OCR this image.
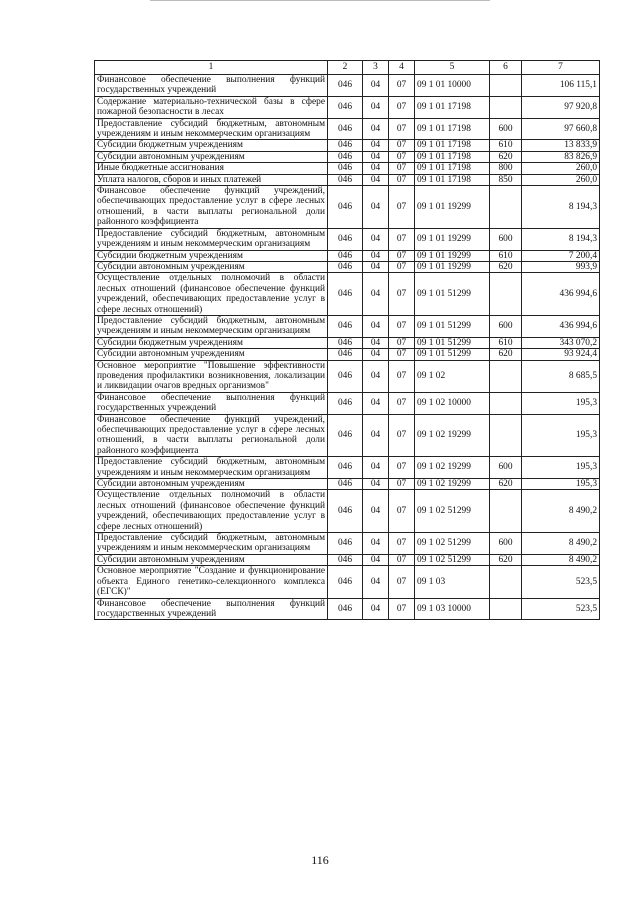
1	2	3	4	5	6	7
Финансовое обеспечение выполнения функций государственных учреждений	046	04	07	09 1 01 10000		106 115,1
Содержание материально-технической базы в сфере пожарной безопасности в лесах	046	04	07	09 1 01 17198		97 920,8
Предоставление субсидий бюджетным, автономным учреждениям и иным некоммерческим организациям	046	04	07	09 1 01 17198	600	97 660,8
Субсидии бюджетным учреждениям	046	04	07	09 1 01 17198	610	13 833,9
Субсидии автономным учреждениям	046	04	07	09 1 01 17198	620	83 826,9
Иные бюджетные ассигнования	046	04	07	09 1 01 17198	800	260,0
Уплата налогов, сборов и иных платежей	046	04	07	09 1 01 17198	850	260,0
Финансовое обеспечение функций учреждений, обеспечивающих предоставление услуг в сфере лесных отношений, в части выплаты региональной доли районного коэффициента	046	04	07	09 1 01 19299		8 194,3
Предоставление субсидий бюджетным, автономным учреждениям и иным некоммерческим организациям	046	04	07	09 1 01 19299	600	8 194,3
Субсидии бюджетным учреждениям	046	04	07	09 1 01 19299	610	7 200,4
Субсидии автономным учреждениям	046	04	07	09 1 01 19299	620	993,9
Осуществление отдельных полномочий в области лесных отношений (финансовое обеспечение функций учреждений, обеспечивающих предоставление услуг в сфере лесных отношений)	046	04	07	09 1 01 51299		436 994,6
Предоставление субсидий бюджетным, автономным учреждениям и иным некоммерческим организациям	046	04	07	09 1 01 51299	600	436 994,6
Субсидии бюджетным учреждениям	046	04	07	09 1 01 51299	610	343 070,2
Субсидии автономным учреждениям	046	04	07	09 1 01 51299	620	93 924,4
Основное мероприятие "Повышение эффективности проведения профилактики возникновения, локализации и ликвидации очагов вредных организмов"	046	04	07	09 1 02		8 685,5
Финансовое обеспечение выполнения функций государственных учреждений	046	04	07	09 1 02 10000		195,3
Финансовое обеспечение функций учреждений, обеспечивающих предоставление услуг в сфере лесных отношений, в части выплаты региональной доли районного коэффициента	046	04	07	09 1 02 19299		195,3
Предоставление субсидий бюджетным, автономным учреждениям и иным некоммерческим организациям	046	04	07	09 1 02 19299	600	195,3
Субсидии автономным учреждениям	046	04	07	09 1 02 19299	620	195,3
Осуществление отдельных полномочий в области лесных отношений (финансовое обеспечение функций учреждений, обеспечивающих предоставление услуг в сфере лесных отношений)	046	04	07	09 1 02 51299		8 490,2
Предоставление субсидий бюджетным, автономным учреждениям и иным некоммерческим организациям	046	04	07	09 1 02 51299	600	8 490,2
Субсидии автономным учреждениям	046	04	07	09 1 02 51299	620	8 490,2
Основное мероприятие "Создание и функционирование объекта Единого генетико-селекционного комплекса (ЕГСК)"	046	04	07	09 1 03		523,5
Финансовое обеспечение выполнения функций государственных учреждений	046	04	07	09 1 03 10000		523,5
116
